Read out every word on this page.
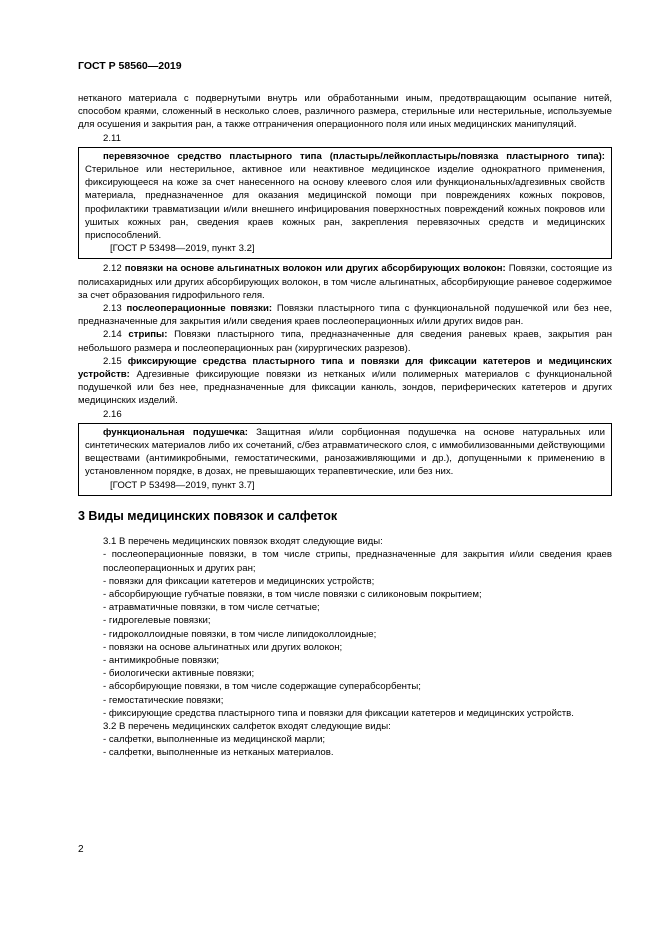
ГОСТ Р 58560—2019

нетканого материала с подвернутыми внутрь или обработанными иным, предотвращающим осыпание нитей, способом краями, сложенный в несколько слоев, различного размера, стерильные или нестерильные, используемые для осушения и закрытия ран, а также отграничения операционного поля или иных медицинских манипуляций.

2.11

перевязочное средство пластырного типа (пластырь/лейкопластырь/повязка пластырного типа): Стерильное или нестерильное, активное или неактивное медицинское изделие однократного применения, фиксирующееся на коже за счет нанесенного на основу клеевого слоя или функциональных/адгезивных свойств материала, предназначенное для оказания медицинской помощи при повреждениях кожных покровов, профилактики травматизации и/или внешнего инфицирования поверхностных повреждений кожных покровов или ушитых кожных ран, сведения краев кожных ран, закрепления перевязочных средств и медицинских приспособлений.

[ГОСТ Р 53498—2019, пункт 3.2]

2.12 повязки на основе альгинатных волокон или других абсорбирующих волокон: Повязки, состоящие из полисахаридных или других абсорбирующих волокон, в том числе альгинатных, абсорбирующие раневое содержимое за счет образования гидрофильного геля.

2.13 послеоперационные повязки: Повязки пластырного типа с функциональной подушечкой или без нее, предназначенные для закрытия и/или сведения краев послеоперационных и/или других видов ран.

2.14 стрипы: Повязки пластырного типа, предназначенные для сведения раневых краев, закрытия ран небольшого размера и послеоперационных ран (хирургических разрезов).

2.15 фиксирующие средства пластырного типа и повязки для фиксации катетеров и медицинских устройств: Адгезивные фиксирующие повязки из нетканых и/или полимерных материалов с функциональной подушечкой или без нее, предназначенные для фиксации канюль, зондов, периферических катетеров и других медицинских изделий.

2.16

функциональная подушечка: Защитная и/или сорбционная подушечка на основе натуральных или синтетических материалов либо их сочетаний, с/без атравматического слоя, с иммобилизованными действующими веществами (антимикробными, гемостатическими, ранозаживляющими и др.), допущенными к применению в установленном порядке, в дозах, не превышающих терапевтические, или без них.

[ГОСТ Р 53498—2019, пункт 3.7]

3 Виды медицинских повязок и салфеток

3.1 В перечень медицинских повязок входят следующие виды:

- послеоперационные повязки, в том числе стрипы, предназначенные для закрытия и/или сведения краев послеоперационных и других ран;

- повязки для фиксации катетеров и медицинских устройств;

- абсорбирующие губчатые повязки, в том числе повязки с силиконовым покрытием;

- атравматичные повязки, в том числе сетчатые;

- гидрогелевые повязки;

- гидроколлоидные повязки, в том числе липидоколлоидные;

- повязки на основе альгинатных или других волокон;

- антимикробные повязки;

- биологически активные повязки;

- абсорбирующие повязки, в том числе содержащие суперабсорбенты;

- гемостатические повязки;

- фиксирующие средства пластырного типа и повязки для фиксации катетеров и медицинских устройств.

3.2 В перечень медицинских салфеток входят следующие виды:

- салфетки, выполненные из медицинской марли;

- салфетки, выполненные из нетканых материалов.

2
